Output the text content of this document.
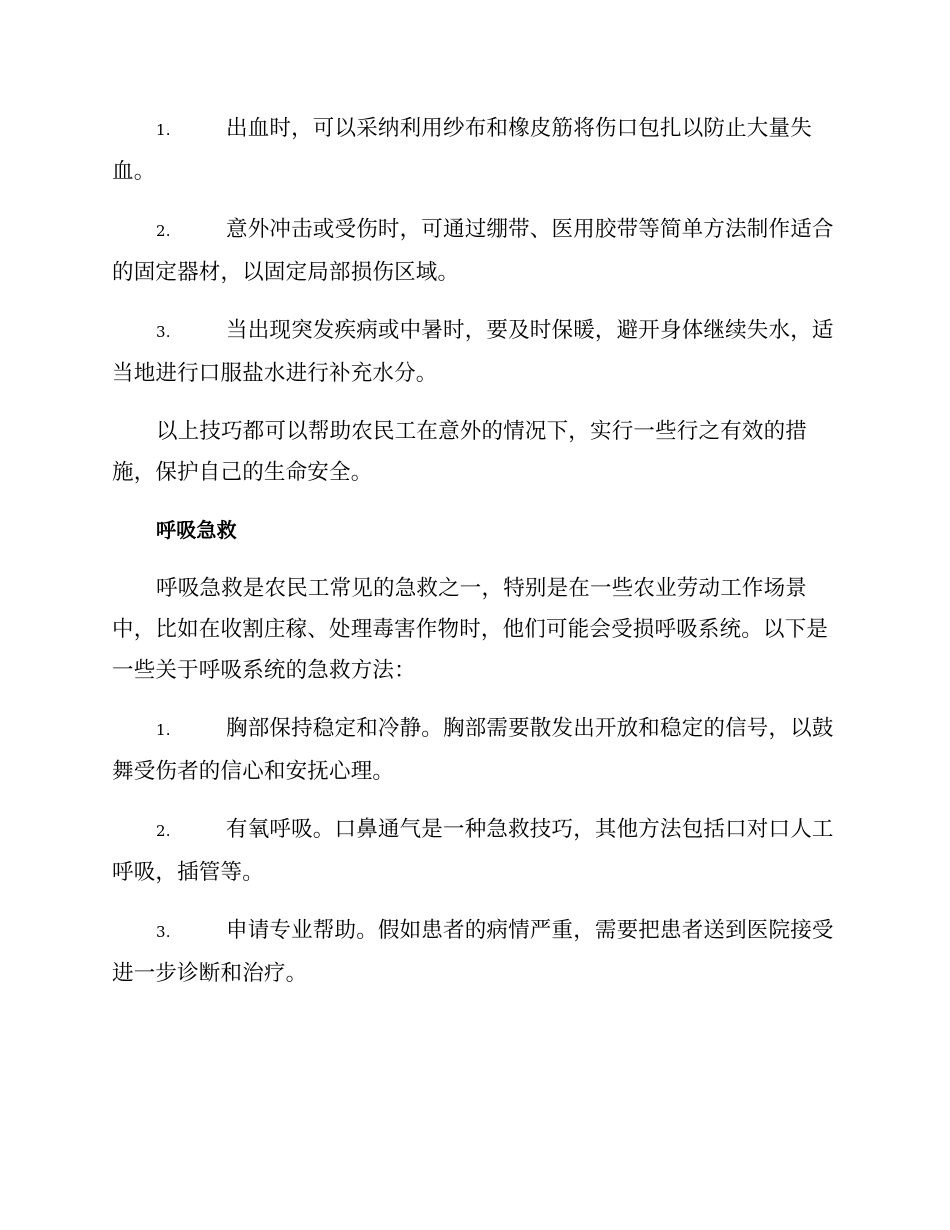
1.	出血时，可以采纳利用纱布和橡皮筋将伤口包扎以防止大量失血。

2.	意外冲击或受伤时，可通过绷带、医用胶带等简单方法制作适合的固定器材，以固定局部损伤区域。

3.	当出现突发疾病或中暑时，要及时保暖，避开身体继续失水，适当地进行口服盐水进行补充水分。

以上技巧都可以帮助农民工在意外的情况下，实行一些行之有效的措施，保护自己的生命安全。

呼吸急救

呼吸急救是农民工常见的急救之一，特别是在一些农业劳动工作场景中，比如在收割庄稼、处理毒害作物时，他们可能会受损呼吸系统。以下是一些关于呼吸系统的急救方法：

1.	胸部保持稳定和冷静。胸部需要散发出开放和稳定的信号，以鼓舞受伤者的信心和安抚心理。

2.	有氧呼吸。口鼻通气是一种急救技巧，其他方法包括口对口人工呼吸，插管等。

3.	申请专业帮助。假如患者的病情严重，需要把患者送到医院接受进一步诊断和治疗。
